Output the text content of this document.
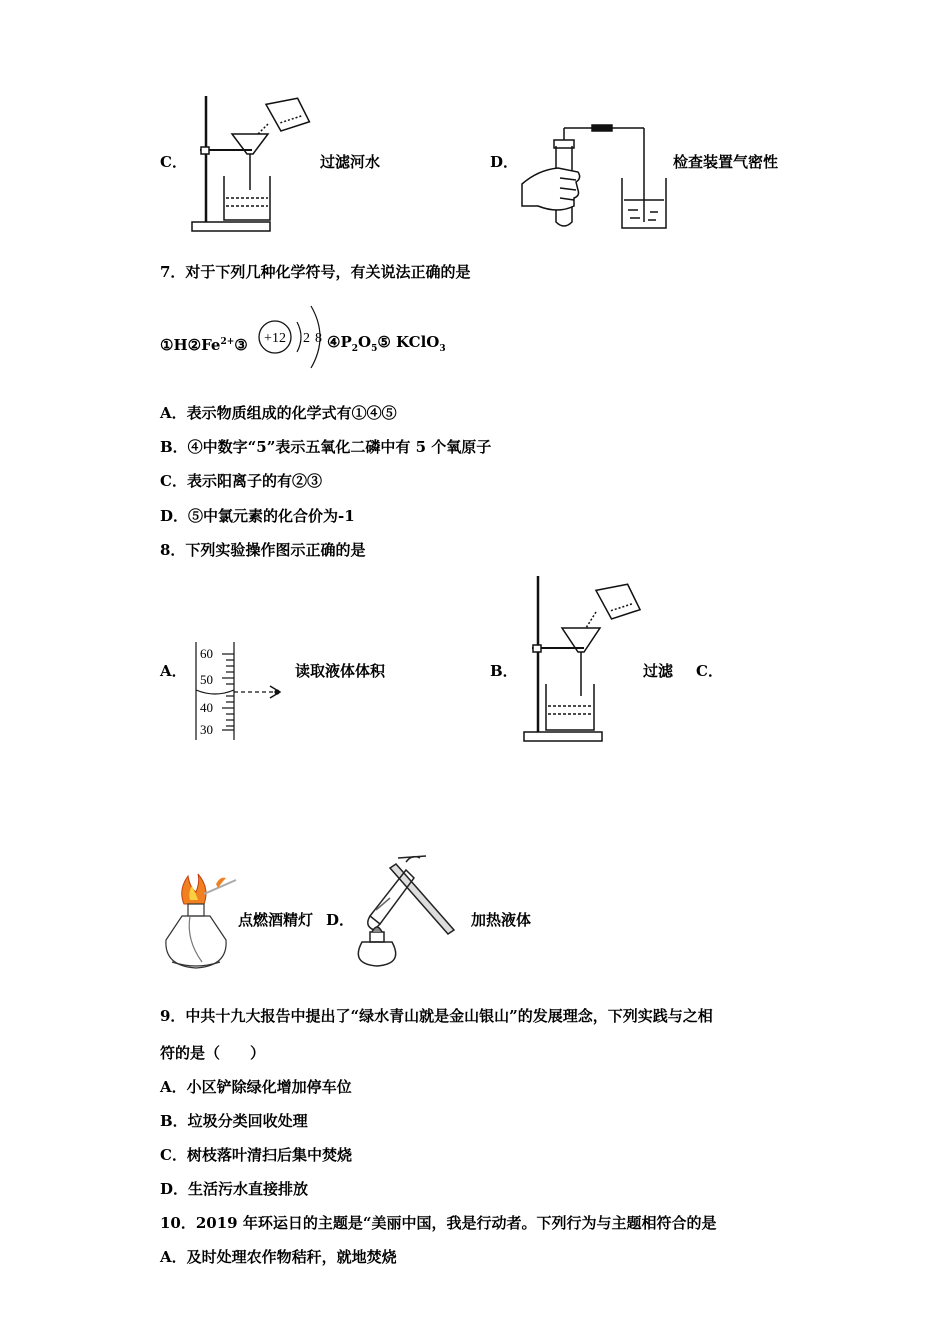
C．	过滤河水	D．	检查装置气密性
7．对于下列几种化学符号，有关说法正确的是
$①H②Fe^{2+}③ +12$ 2 8 $④P_2O_5⑤$ KClO$_3$
A．表示物质组成的化学式有①④⑤
B．④中数字“5”表示五氧化二磷中有 5 个氧原子
C．表示阳离子的有②③
D．⑤中氯元素的化合价为-1
8．下列实验操作图示正确的是
A．
60
50
40
30
读取液体体积	B．	过滤 C．
点燃酒精灯 D．	加热液体
9．中共十九大报告中提出了“绿水青山就是金山银山”的发展理念，下列实践与之相
符的是（　　）
A．小区铲除绿化增加停车位
B．垃圾分类回收处理
C．树枝落叶清扫后集中焚烧
D．生活污水直接排放
10．2019 年环运日的主题是“美丽中国，我是行动者。下列行为与主题相符合的是
A．及时处理农作物秸秆，就地焚烧
